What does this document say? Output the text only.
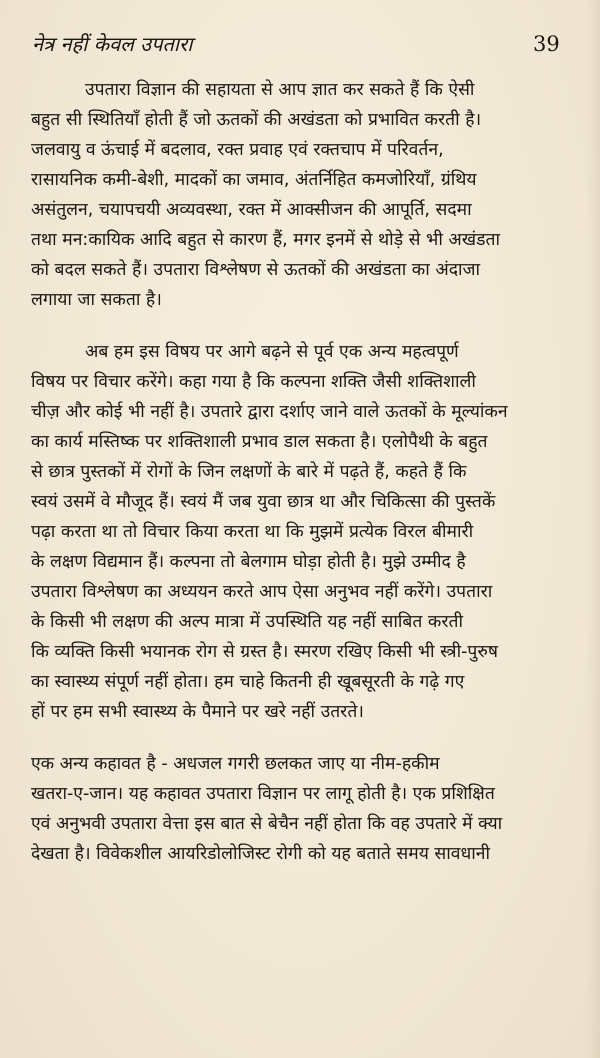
नेत्र नहीं केवल उपतारा	39
उपतारा विज्ञान की सहायता से आप ज्ञात कर सकते हैं कि ऐसी
बहुत सी स्थितियाँ होती हैं जो ऊतकों की अखंडता को प्रभावित करती है।
जलवायु व ऊंचाई में बदलाव, रक्त प्रवाह एवं रक्तचाप में परिवर्तन,
रासायनिक कमी-बेशी, मादकों का जमाव, अंतर्निहित कमजोरियाँ, ग्रंथिय
असंतुलन, चयापचयी अव्यवस्था, रक्त में आक्सीजन की आपूर्ति, सदमा
तथा मन:कायिक आदि बहुत से कारण हैं, मगर इनमें से थोड़े से भी अखंडता
को बदल सकते हैं। उपतारा विश्लेषण से ऊतकों की अखंडता का अंदाजा
लगाया जा सकता है।
अब हम इस विषय पर आगे बढ़ने से पूर्व एक अन्य महत्वपूर्ण
विषय पर विचार करेंगे। कहा गया है कि कल्पना शक्ति जैसी शक्तिशाली
चीज़ और कोई भी नहीं है। उपतारे द्वारा दर्शाए जाने वाले ऊतकों के मूल्यांकन
का कार्य मस्तिष्क पर शक्तिशाली प्रभाव डाल सकता है। एलोपैथी के बहुत
से छात्र पुस्तकों में रोगों के जिन लक्षणों के बारे में पढ़ते हैं, कहते हैं कि
स्वयं उसमें वे मौजूद हैं। स्वयं मैं जब युवा छात्र था और चिकित्सा की पुस्तकें
पढ़ा करता था तो विचार किया करता था कि मुझमें प्रत्येक विरल बीमारी
के लक्षण विद्यमान हैं। कल्पना तो बेलगाम घोड़ा होती है। मुझे उम्मीद है
उपतारा विश्लेषण का अध्ययन करते आप ऐसा अनुभव नहीं करेंगे। उपतारा
के किसी भी लक्षण की अल्प मात्रा में उपस्थिति यह नहीं साबित करती
कि व्यक्ति किसी भयानक रोग से ग्रस्त है। स्मरण रखिए किसी भी स्त्री-पुरुष
का स्वास्थ्य संपूर्ण नहीं होता। हम चाहे कितनी ही खूबसूरती के गढ़े गए
हों पर हम सभी स्वास्थ्य के पैमाने पर खरे नहीं उतरते।
एक अन्य कहावत है - अधजल गगरी छलकत जाए या नीम-हकीम
खतरा-ए-जान। यह कहावत उपतारा विज्ञान पर लागू होती है। एक प्रशिक्षित
एवं अनुभवी उपतारा वेत्ता इस बात से बेचैन नहीं होता कि वह उपतारे में क्या
देखता है। विवेकशील आयरिडोलोजिस्ट रोगी को यह बताते समय सावधानी
